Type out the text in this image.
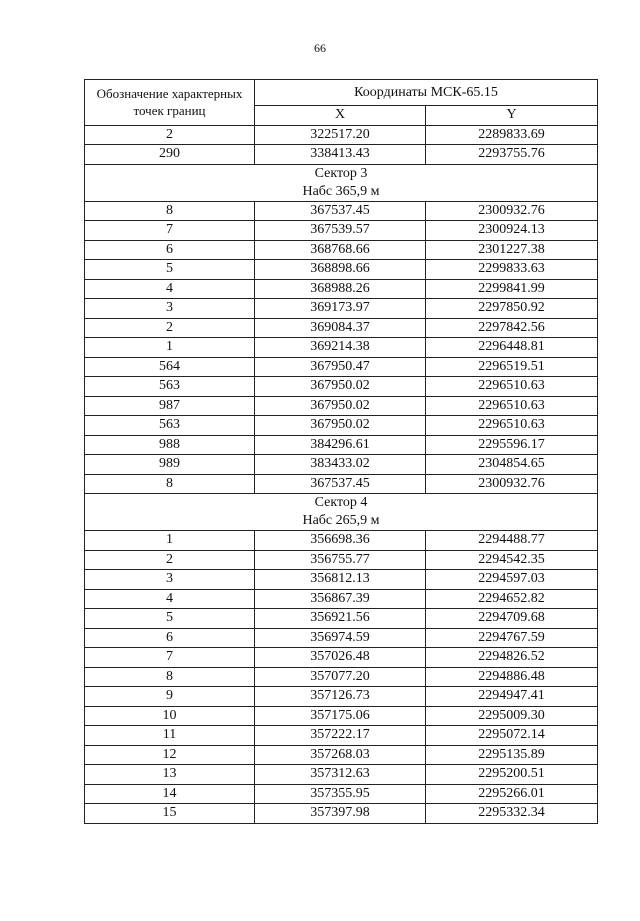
66
Обозначение характерных точек границ	Координаты МСК-65.15	
	X	Y
2	322517.20	2289833.69
290	338413.43	2293755.76

Сектор 3
Набс 365,9 м		

8	367537.45	2300932.76
7	367539.57	2300924.13
6	368768.66	2301227.38
5	368898.66	2299833.63
4	368988.26	2299841.99
3	369173.97	2297850.92
2	369084.37	2297842.56
1	369214.38	2296448.81
564	367950.47	2296519.51
563	367950.02	2296510.63
987	367950.02	2296510.63
563	367950.02	2296510.63
988	384296.61	2295596.17
989	383433.02	2304854.65
8	367537.45	2300932.76

Сектор 4
Набс 265,9 м		

1	356698.36	2294488.77
2	356755.77	2294542.35
3	356812.13	2294597.03
4	356867.39	2294652.82
5	356921.56	2294709.68
6	356974.59	2294767.59
7	357026.48	2294826.52
8	357077.20	2294886.48
9	357126.73	2294947.41
10	357175.06	2295009.30
11	357222.17	2295072.14
12	357268.03	2295135.89
13	357312.63	2295200.51
14	357355.95	2295266.01
15	357397.98	2295332.34
